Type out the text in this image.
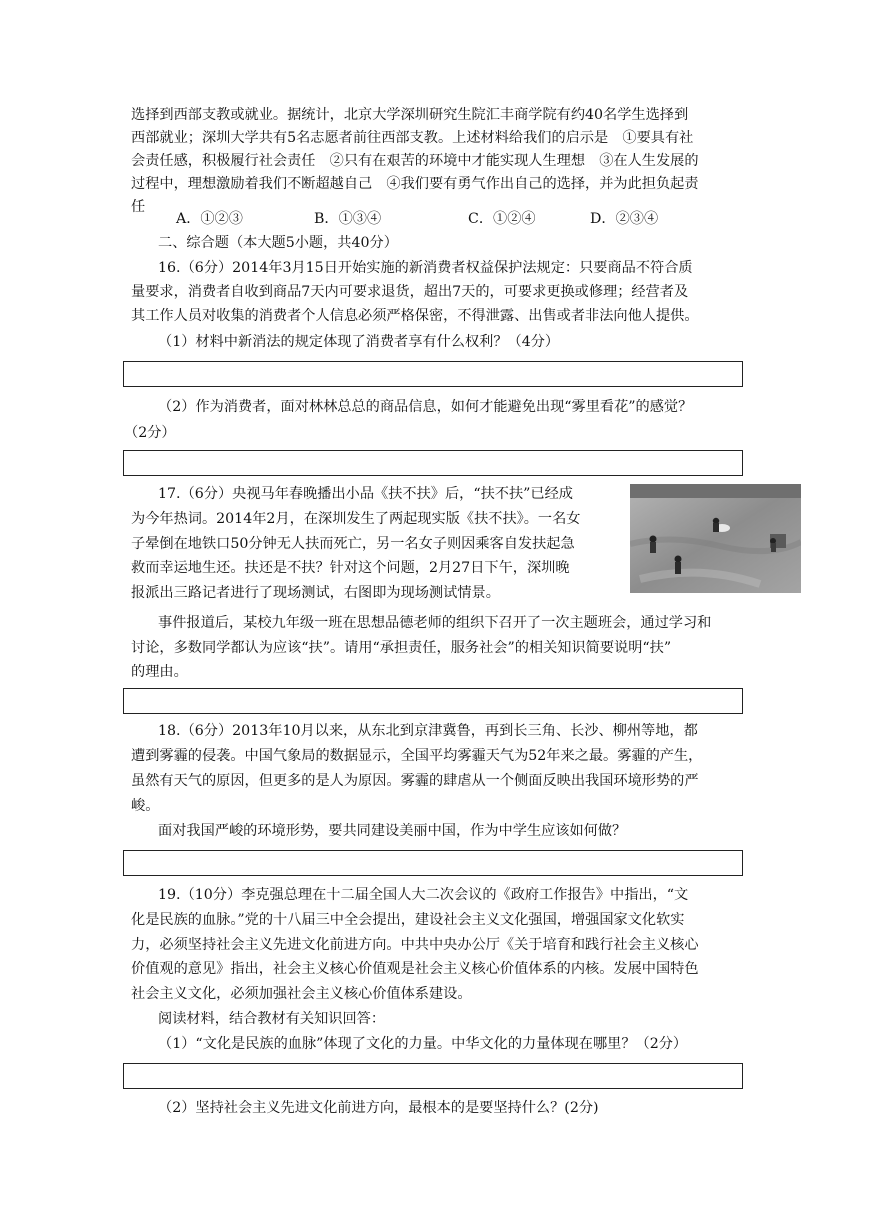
选择到西部支教或就业。据统计，北京大学深圳研究生院汇丰商学院有约40名学生选择到
西部就业；深圳大学共有5名志愿者前往西部支教。上述材料给我们的启示是　①要具有社
会责任感，积极履行社会责任　②只有在艰苦的环境中才能实现人生理想　③在人生发展的
过程中，理想激励着我们不断超越自己　④我们要有勇气作出自己的选择，并为此担负起责
任
A．①②③	B．①③④	C．①②④	D．②③④
二、综合题（本大题5小题，共40分）
16.（6分）2014年3月15日开始实施的新消费者权益保护法规定：只要商品不符合质
量要求，消费者自收到商品7天内可要求退货，超出7天的，可要求更换或修理；经营者及
其工作人员对收集的消费者个人信息必须严格保密，不得泄露、出售或者非法向他人提供。
（1）材料中新消法的规定体现了消费者享有什么权利？（4分）
（2）作为消费者，面对林林总总的商品信息，如何才能避免出现“雾里看花”的感觉？
（2分）
17.（6分）央视马年春晚播出小品《扶不扶》后，“扶不扶”已经成
为今年热词。2014年2月，在深圳发生了两起现实版《扶不扶》。一名女
子晕倒在地铁口50分钟无人扶而死亡，另一名女子则因乘客自发扶起急
救而幸运地生还。扶还是不扶？针对这个问题，2月27日下午，深圳晚
报派出三路记者进行了现场测试，右图即为现场测试情景。
事件报道后，某校九年级一班在思想品德老师的组织下召开了一次主题班会，通过学习和
讨论，多数同学都认为应该“扶”。请用“承担责任，服务社会”的相关知识简要说明“扶”
的理由。
18.（6分）2013年10月以来，从东北到京津冀鲁，再到长三角、长沙、柳州等地，都
遭到雾霾的侵袭。中国气象局的数据显示，全国平均雾霾天气为52年来之最。雾霾的产生，
虽然有天气的原因，但更多的是人为原因。雾霾的肆虐从一个侧面反映出我国环境形势的严
峻。
面对我国严峻的环境形势，要共同建设美丽中国，作为中学生应该如何做？
19.（10分）李克强总理在十二届全国人大二次会议的《政府工作报告》中指出，“文
化是民族的血脉。”党的十八届三中全会提出，建设社会主义文化强国，增强国家文化软实
力，必须坚持社会主义先进文化前进方向。中共中央办公厅《关于培育和践行社会主义核心
价值观的意见》指出，社会主义核心价值观是社会主义核心价值体系的内核。发展中国特色
社会主义文化，必须加强社会主义核心价值体系建设。
阅读材料，结合教材有关知识回答：
（1）“文化是民族的血脉”体现了文化的力量。中华文化的力量体现在哪里？（2分）
（2）坚持社会主义先进文化前进方向，最根本的是要坚持什么？(2分)
